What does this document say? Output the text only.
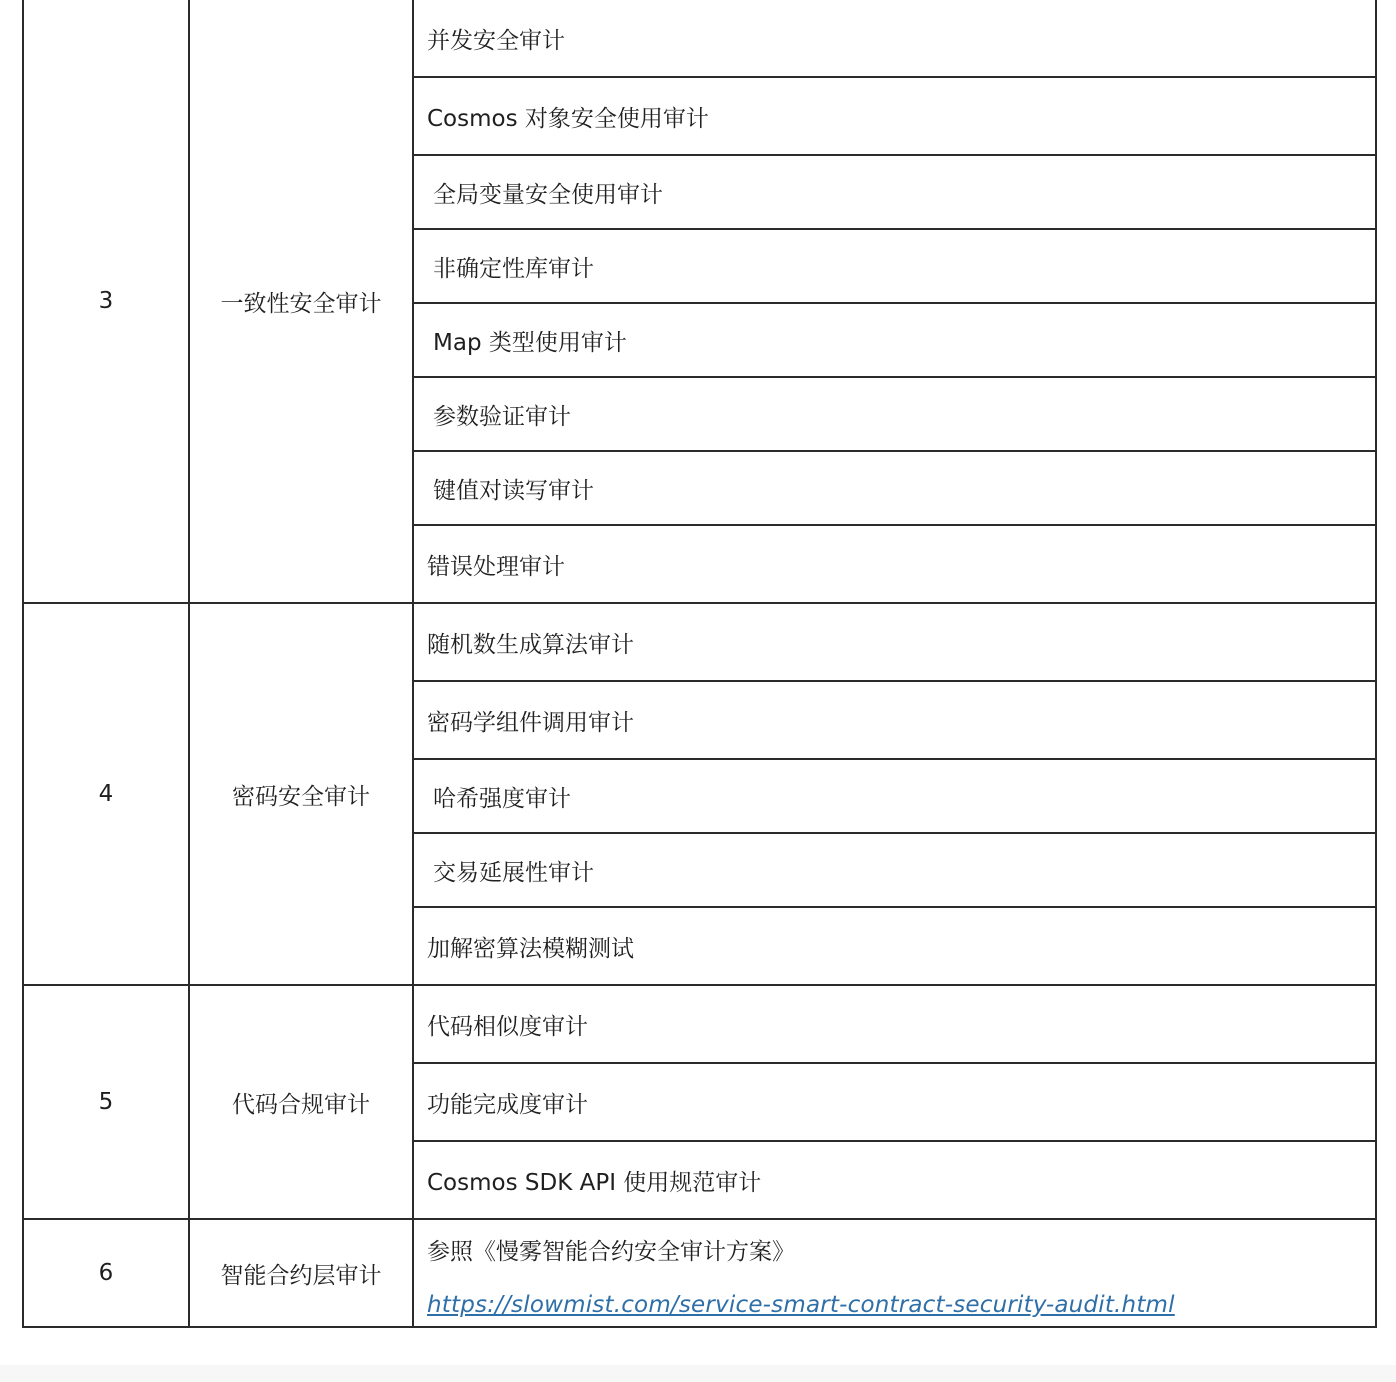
3	一致性安全审计	并发安全审计
		Cosmos 对象安全使用审计
		全局变量安全使用审计
		非确定性库审计
		Map 类型使用审计
		参数验证审计
		键值对读写审计
		错误处理审计
4	密码安全审计	随机数生成算法审计
		密码学组件调用审计
		哈希强度审计
		交易延展性审计
		加解密算法模糊测试
5	代码合规审计	代码相似度审计
		功能完成度审计
		Cosmos SDK API 使用规范审计
6	智能合约层审计	参照《慢雾智能合约安全审计方案》
https://slowmist.com/service-smart-contract-security-audit.html
